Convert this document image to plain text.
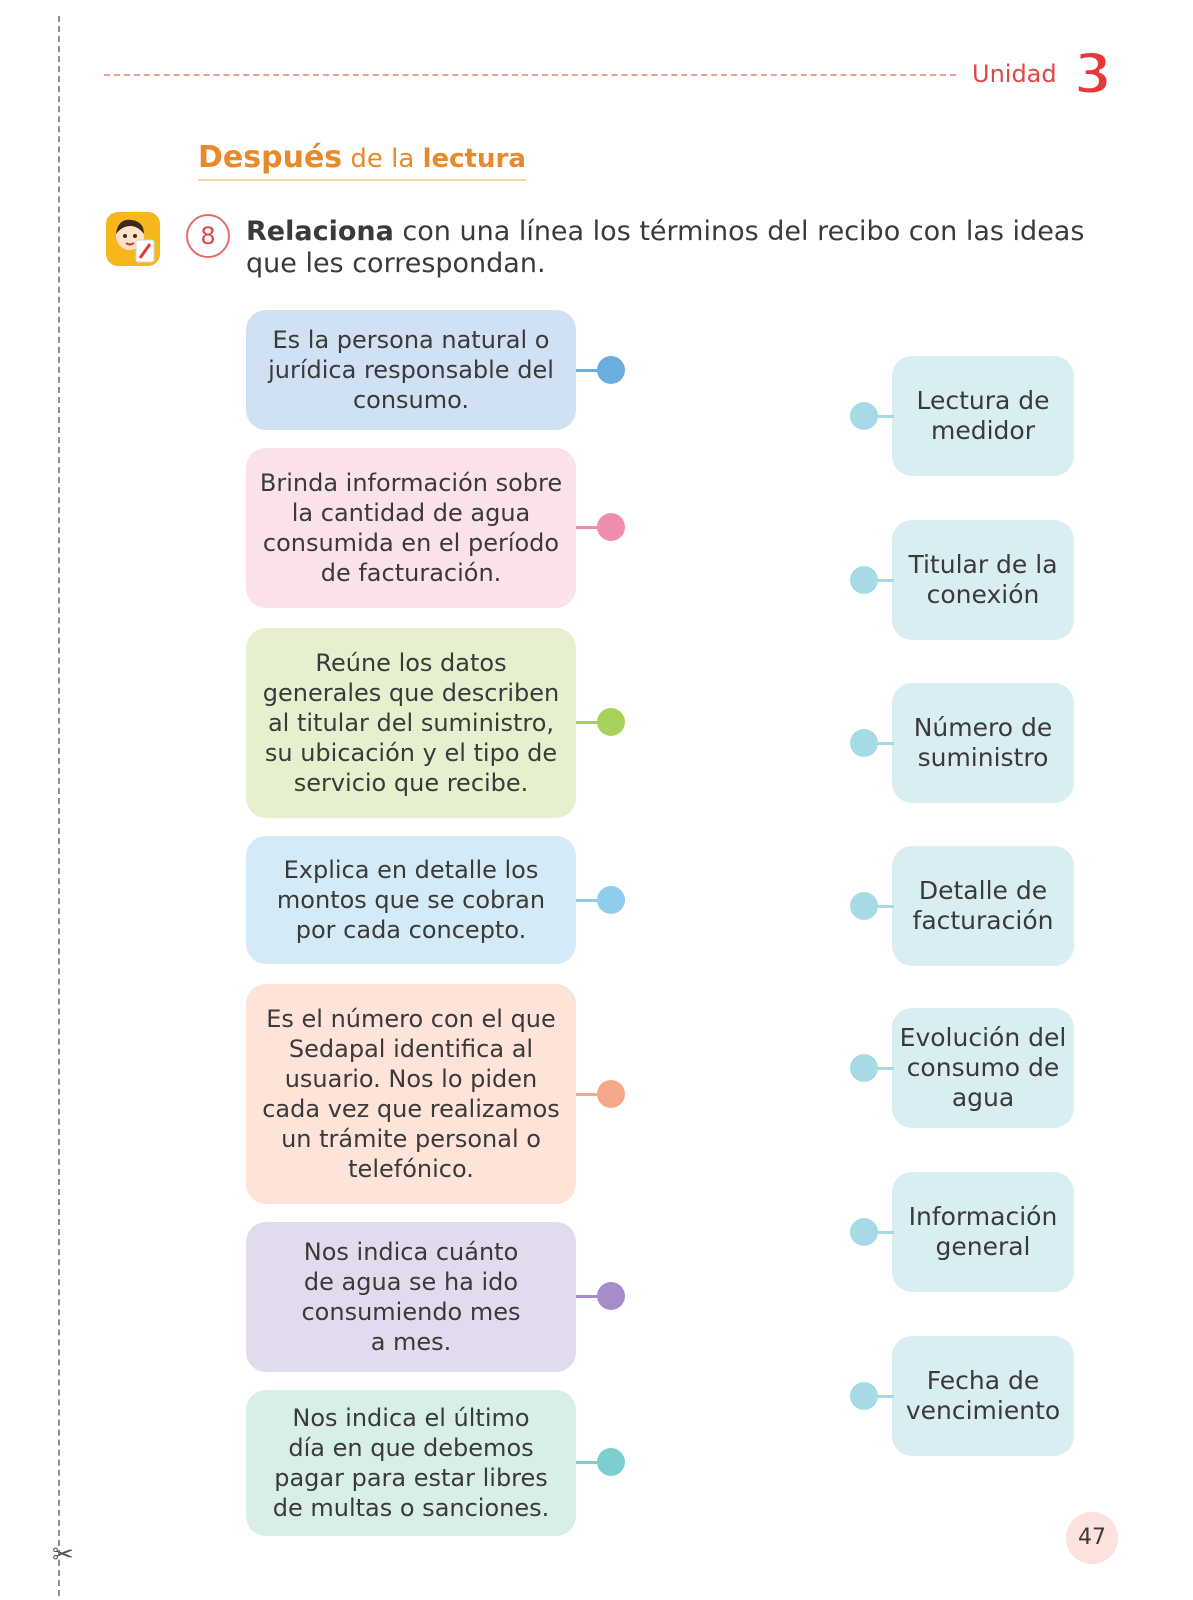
✂
Unidad 3
Después de la lectura
8	Relaciona con una línea los términos del recibo con las ideas que les correspondan.
Es la persona natural o
jurídica responsable del
consumo.
Brinda información sobre
la cantidad de agua
consumida en el período
de facturación.
Reúne los datos
generales que describen
al titular del suministro,
su ubicación y el tipo de
servicio que recibe.
Explica en detalle los
montos que se cobran
por cada concepto.
Es el número con el que
Sedapal identifica al
usuario. Nos lo piden
cada vez que realizamos
un trámite personal o
telefónico.
Nos indica cuánto
de agua se ha ido
consumiendo mes
a mes.
Nos indica el último
día en que debemos
pagar para estar libres
de multas o sanciones.
Lectura de
medidor
Titular de la
conexión
Número de
suministro
Detalle de
facturación
Evolución del
consumo de
agua
Información
general
Fecha de
vencimiento
47
